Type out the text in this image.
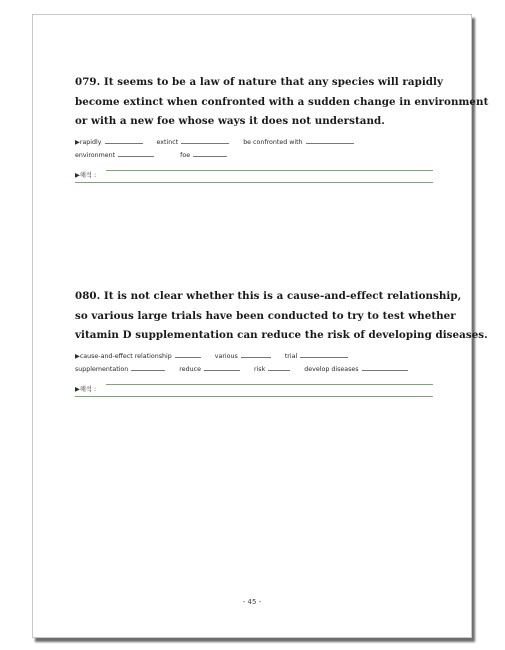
079. It seems to be a law of nature that any species will rapidly
become extinct when confronted with a sudden change in environment
or with a new foe whose ways it does not understand.
▶rapidly	extinct	be confronted with
environment	foe
▶해석 :
080. It is not clear whether this is a cause-and-effect relationship,
so various large trials have been conducted to try to test whether
vitamin D supplementation can reduce the risk of developing diseases.
▶cause-and-effect relationship	various	trial
supplementation	reduce	risk	develop diseases
▶해석 :
- 45 -
